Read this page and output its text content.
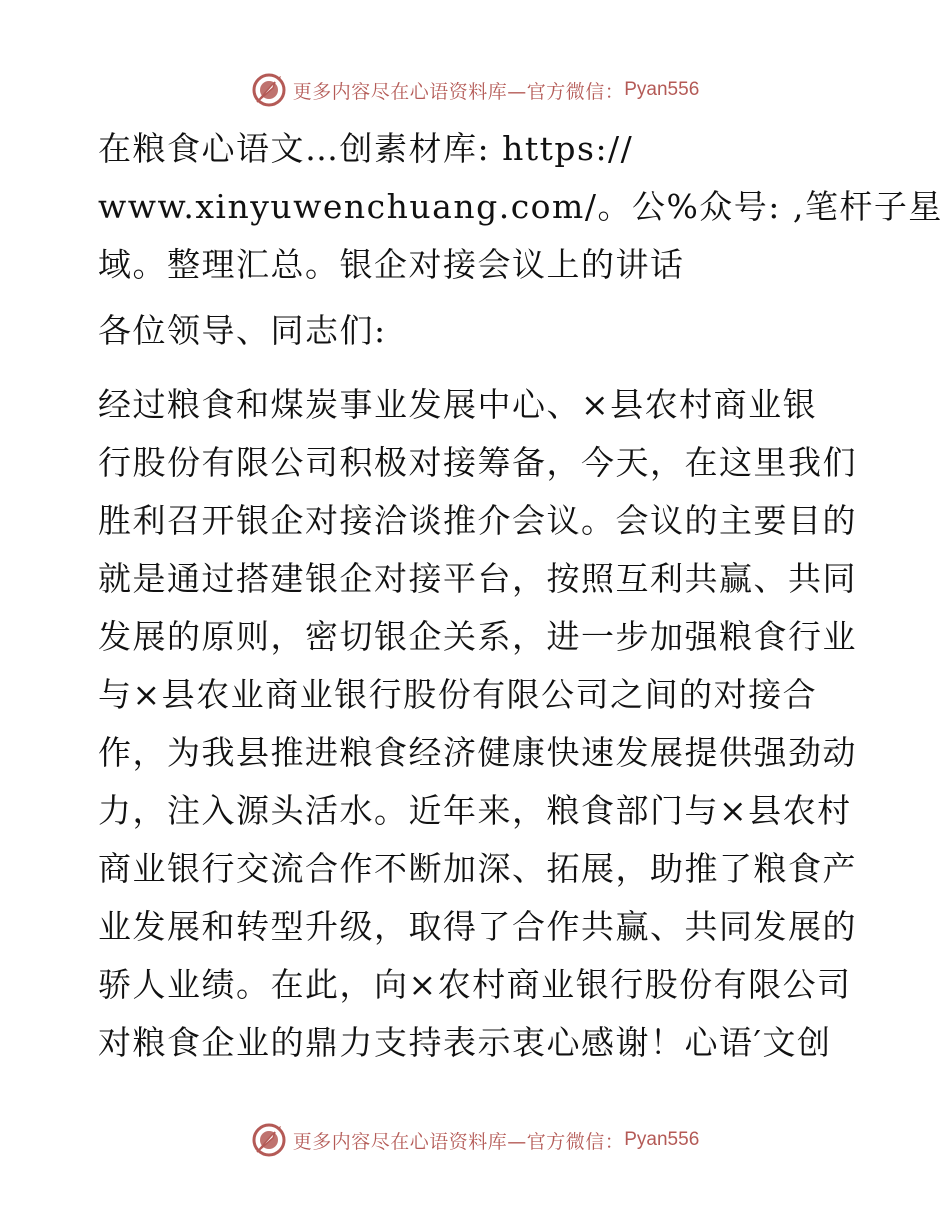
更多内容尽在心语资料库—官方微信： Pyan556

在粮食心语文…创素材库: https://
www.xinyuwenchuang.com/。公%众号: ,笔杆子星
域。整理汇总。银企对接会议上的讲话

各位领导、同志们:

经过粮食和煤炭事业发展中心、×县农村商业银
行股份有限公司积极对接筹备，今天，在这里我们
胜利召开银企对接洽谈推介会议。会议的主要目的
就是通过搭建银企对接平台，按照互利共赢、共同
发展的原则，密切银企关系，进一步加强粮食行业
与×县农业商业银行股份有限公司之间的对接合
作，为我县推进粮食经济健康快速发展提供强劲动
力，注入源头活水。近年来，粮食部门与×县农村
商业银行交流合作不断加深、拓展，助推了粮食产
业发展和转型升级，取得了合作共赢、共同发展的
骄人业绩。在此，向×农村商业银行股份有限公司
对粮食企业的鼎力支持表示衷心感谢！心语′文创

更多内容尽在心语资料库—官方微信： Pyan556
